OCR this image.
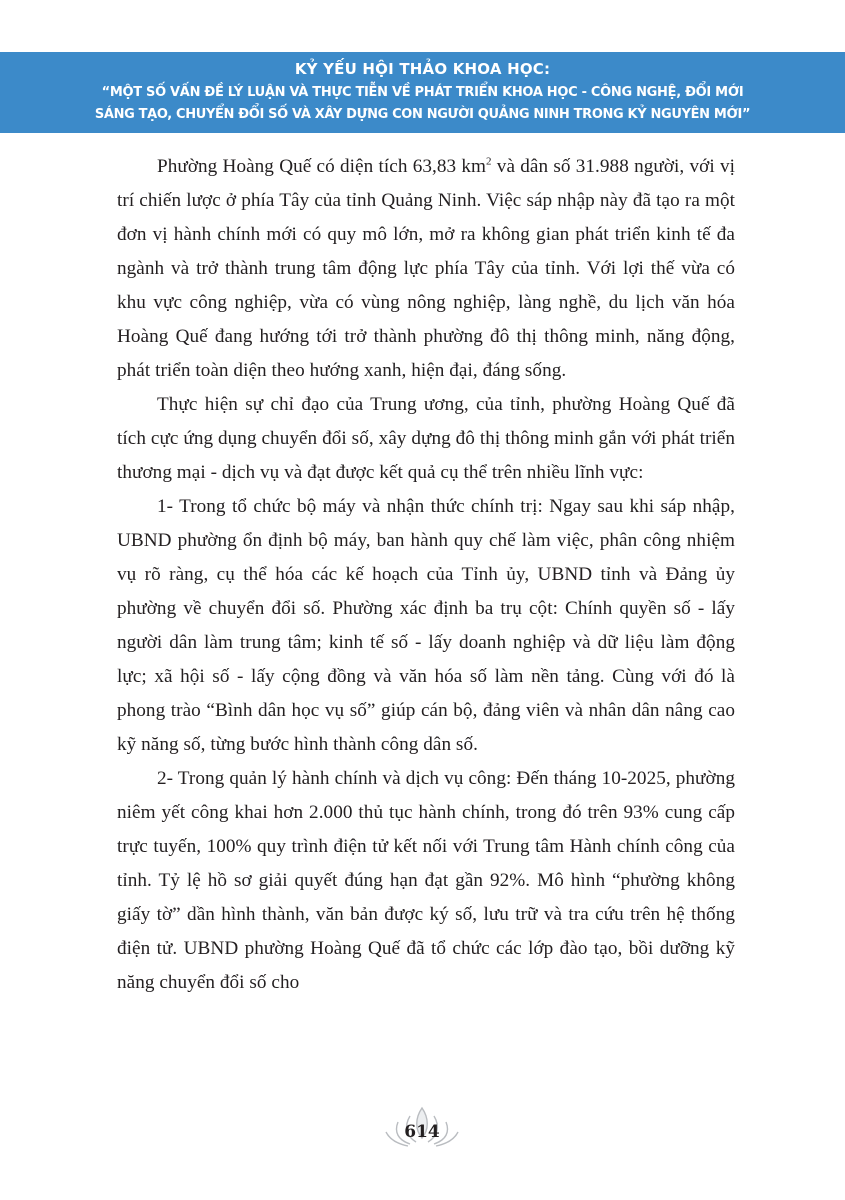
KỶ YẾU HỘI THẢO KHOA HỌC:
“MỘT SỐ VẤN ĐỀ LÝ LUẬN VÀ THỰC TIỄN VỀ PHÁT TRIỂN KHOA HỌC - CÔNG NGHỆ, ĐỔI MỚI
SÁNG TẠO, CHUYỂN ĐỔI SỐ VÀ XÂY DỰNG CON NGƯỜI QUẢNG NINH TRONG KỶ NGUYÊN MỚI”

Phường Hoàng Quế có diện tích 63,83 $km^2$ và dân số 31.988 người, với vị trí chiến lược ở phía Tây của tỉnh Quảng Ninh. Việc sáp nhập này đã tạo ra một đơn vị hành chính mới có quy mô lớn, mở ra không gian phát triển kinh tế đa ngành và trở thành trung tâm động lực phía Tây của tỉnh. Với lợi thế vừa có khu vực công nghiệp, vừa có vùng nông nghiệp, làng nghề, du lịch văn hóa Hoàng Quế đang hướng tới trở thành phường đô thị thông minh, năng động, phát triển toàn diện theo hướng xanh, hiện đại, đáng sống.

Thực hiện sự chỉ đạo của Trung ương, của tỉnh, phường Hoàng Quế đã tích cực ứng dụng chuyển đổi số, xây dựng đô thị thông minh gắn với phát triển thương mại - dịch vụ và đạt được kết quả cụ thể trên nhiều lĩnh vực:

1- Trong tổ chức bộ máy và nhận thức chính trị: Ngay sau khi sáp nhập, UBND phường ổn định bộ máy, ban hành quy chế làm việc, phân công nhiệm vụ rõ ràng, cụ thể hóa các kế hoạch của Tỉnh ủy, UBND tỉnh và Đảng ủy phường về chuyển đổi số. Phường xác định ba trụ cột: Chính quyền số - lấy người dân làm trung tâm; kinh tế số - lấy doanh nghiệp và dữ liệu làm động lực; xã hội số - lấy cộng đồng và văn hóa số làm nền tảng. Cùng với đó là phong trào “Bình dân học vụ số” giúp cán bộ, đảng viên và nhân dân nâng cao kỹ năng số, từng bước hình thành công dân số.

2- Trong quản lý hành chính và dịch vụ công: Đến tháng 10-2025, phường niêm yết công khai hơn 2.000 thủ tục hành chính, trong đó trên 93% cung cấp trực tuyến, 100% quy trình điện tử kết nối với Trung tâm Hành chính công của tỉnh. Tỷ lệ hồ sơ giải quyết đúng hạn đạt gần 92%. Mô hình “phường không giấy tờ” dần hình thành, văn bản được ký số, lưu trữ và tra cứu trên hệ thống điện tử. UBND phường Hoàng Quế đã tổ chức các lớp đào tạo, bồi dưỡng kỹ năng chuyển đổi số cho

614
